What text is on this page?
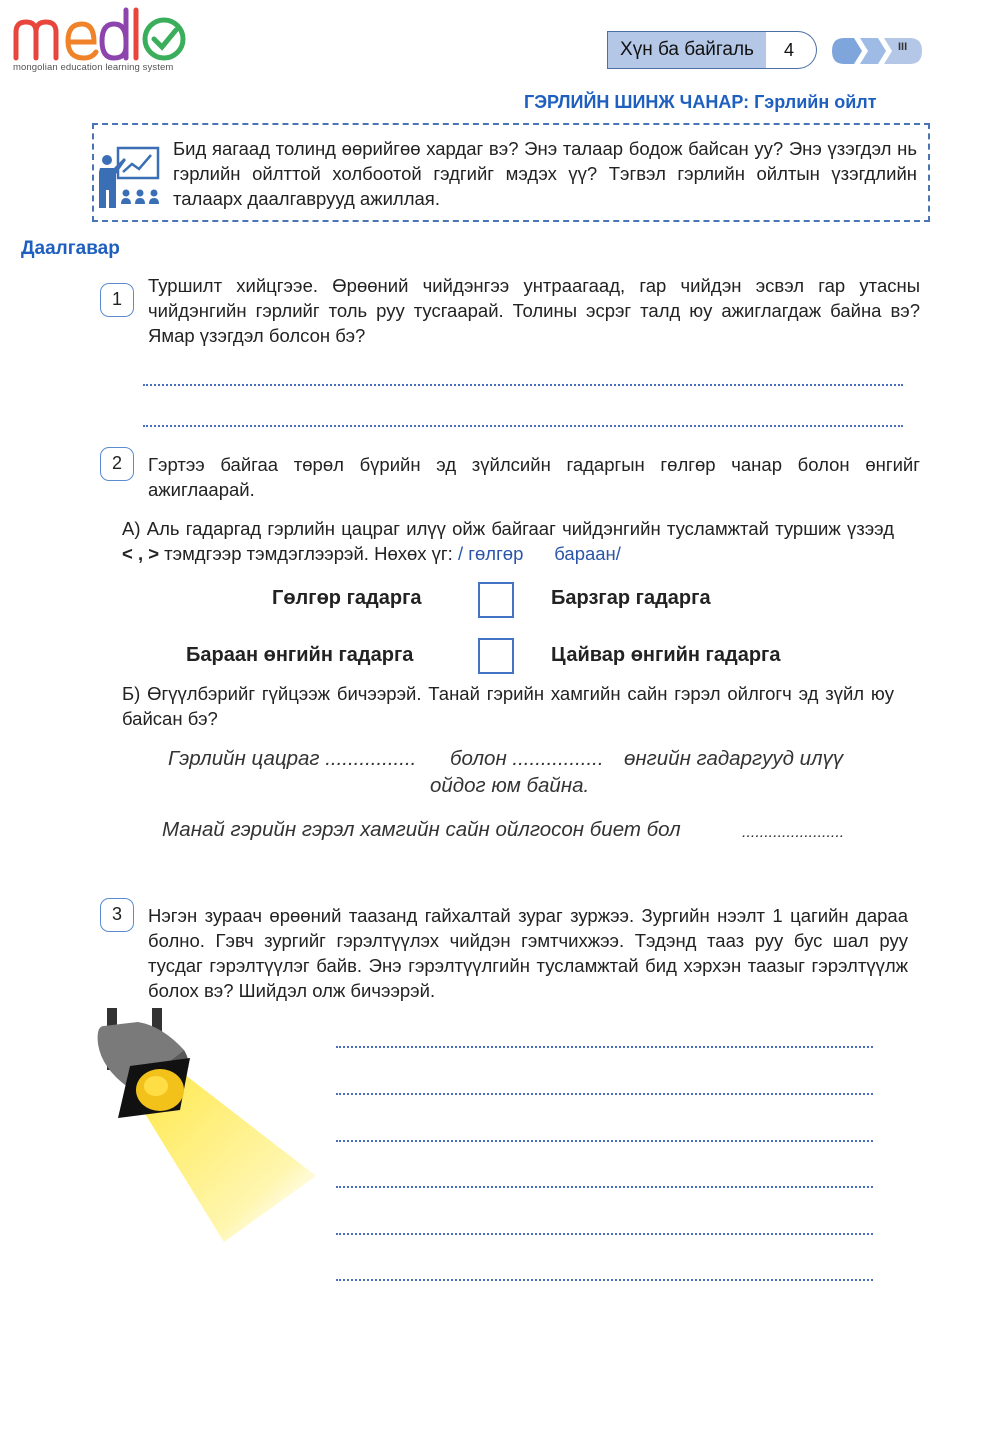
mongolian education learning system
Хүн ба байгаль	4	III
ГЭРЛИЙН ШИНЖ ЧАНАР: Гэрлийн ойлт
Бид яагаад толинд өөрийгөө хардаг вэ? Энэ талаар бодож байсан уу? Энэ үзэгдэл нь гэрлийн ойлттой холбоотой гэдгийг мэдэх үү? Тэгвэл гэрлийн ойлтын үзэгдлийн талаарх даалгаврууд ажиллая.
Даалгавар
1
Туршилт хийцгээе. Өрөөний чийдэнгээ унтраагаад, гар чийдэн эсвэл гар утасны чийдэнгийн гэрлийг толь руу тусгаарай. Толины эсрэг талд юу ажиглагдаж байна вэ? Ямар үзэгдэл болсон бэ?
2	Гэртээ байгаа төрөл бүрийн эд зүйлсийн гадаргын гөлгөр чанар болон өнгийг ажиглаарай.
А) Аль гадаргад гэрлийн цацраг илүү ойж байгааг чийдэнгийн тусламжтай туршиж үзээд < , > тэмдгээр тэмдэглээрэй. Нөхөх үг: / гөлгөр      бараан/
Гөлгөр гадарга	Барзгар гадарга
Бараан өнгийн гадарга	Цайвар өнгийн гадарга
Б) Өгүүлбэрийг гүйцээж бичээрэй. Танай гэрийн хамгийн сайн гэрэл ойлгогч эд зүйл юу байсан бэ?
Гэрлийн цацраг ................ болон ................ өнгийн гадаргууд илүү
ойдог юм байна.
Манай гэрийн гэрэл хамгийн сайн ойлгосон биет бол	.......................
3	Нэгэн зураач өрөөний таазанд гайхалтай зураг зуржээ. Зургийн нээлт 1 цагийн дараа болно. Гэвч зургийг гэрэлтүүлэх чийдэн гэмтчихжээ. Тэдэнд тааз руу бус шал руу тусдаг гэрэлтүүлэг байв. Энэ гэрэлтүүлгийн тусламжтай бид хэрхэн таазыг гэрэлтүүлж болох вэ? Шийдэл олж бичээрэй.
